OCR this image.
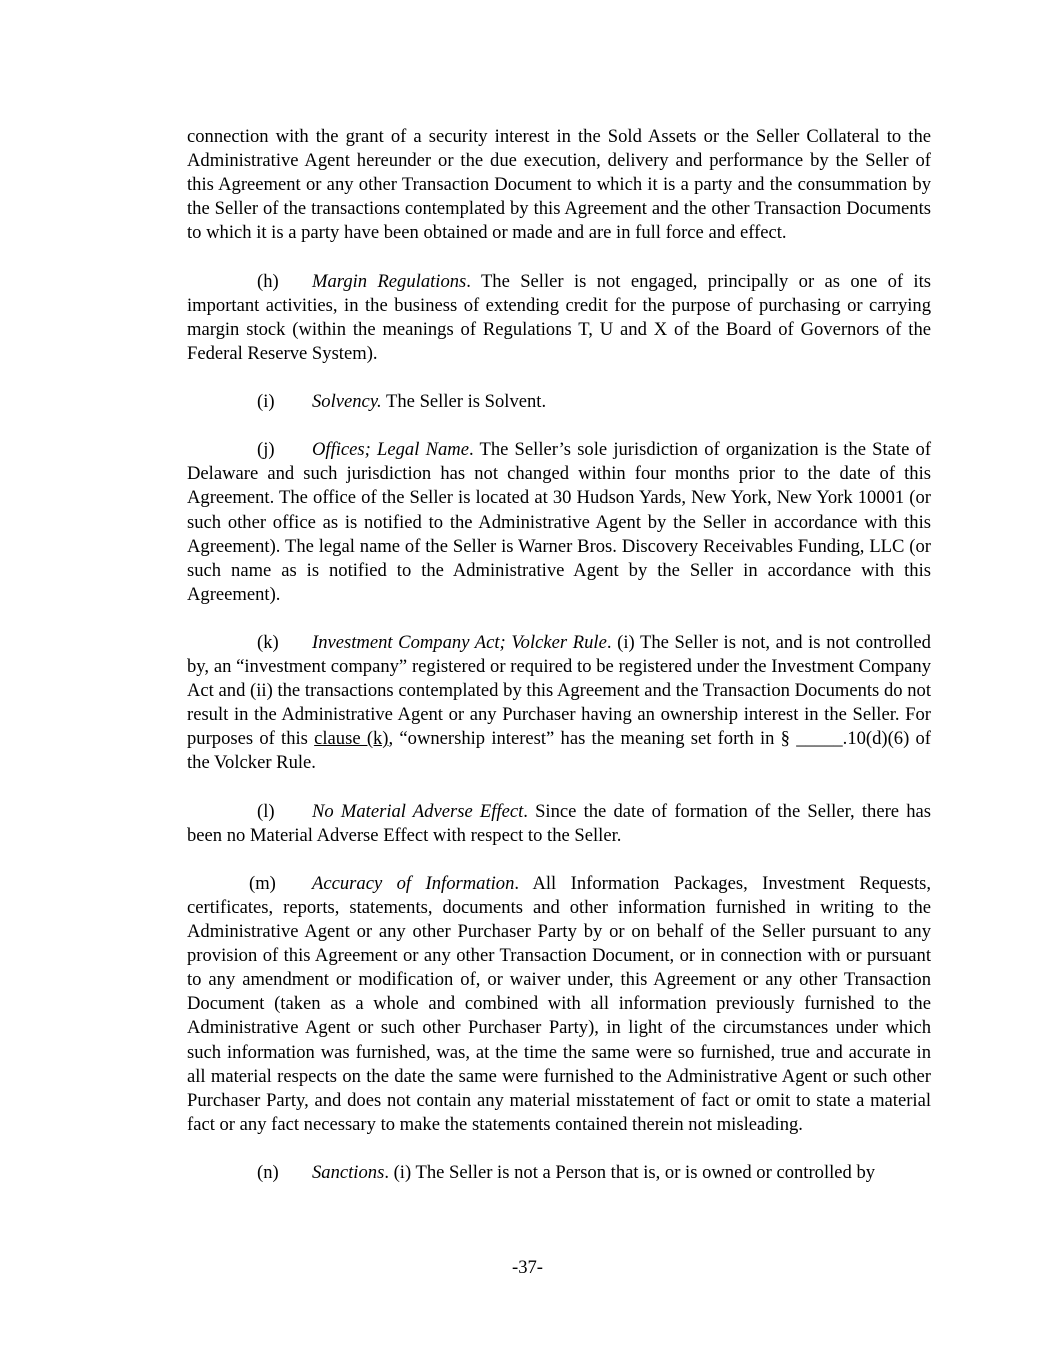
connection with the grant of a security interest in the Sold Assets or the Seller Collateral to the Administrative Agent hereunder or the due execution, delivery and performance by the Seller of this Agreement or any other Transaction Document to which it is a party and the consummation by the Seller of the transactions contemplated by this Agreement and the other Transaction Documents to which it is a party have been obtained or made and are in full force and effect.

(h) Margin Regulations. The Seller is not engaged, principally or as one of its important activities, in the business of extending credit for the purpose of purchasing or carrying margin stock (within the meanings of Regulations T, U and X of the Board of Governors of the Federal Reserve System).

(i) Solvency. The Seller is Solvent.

(j) Offices; Legal Name. The Seller’s sole jurisdiction of organization is the State of Delaware and such jurisdiction has not changed within four months prior to the date of this Agreement. The office of the Seller is located at 30 Hudson Yards, New York, New York 10001 (or such other office as is notified to the Administrative Agent by the Seller in accordance with this Agreement). The legal name of the Seller is Warner Bros. Discovery Receivables Funding, LLC (or such name as is notified to the Administrative Agent by the Seller in accordance with this Agreement).

(k) Investment Company Act; Volcker Rule. (i) The Seller is not, and is not controlled by, an “investment company” registered or required to be registered under the Investment Company Act and (ii) the transactions contemplated by this Agreement and the Transaction Documents do not result in the Administrative Agent or any Purchaser having an ownership interest in the Seller. For purposes of this clause (k), “ownership interest” has the meaning set forth in § _____.10(d)(6) of the Volcker Rule.

(l) No Material Adverse Effect. Since the date of formation of the Seller, there has been no Material Adverse Effect with respect to the Seller.

(m) Accuracy of Information. All Information Packages, Investment Requests, certificates, reports, statements, documents and other information furnished in writing to the Administrative Agent or any other Purchaser Party by or on behalf of the Seller pursuant to any provision of this Agreement or any other Transaction Document, or in connection with or pursuant to any amendment or modification of, or waiver under, this Agreement or any other Transaction Document (taken as a whole and combined with all information previously furnished to the Administrative Agent or such other Purchaser Party), in light of the circumstances under which such information was furnished, was, at the time the same were so furnished, true and accurate in all material respects on the date the same were furnished to the Administrative Agent or such other Purchaser Party, and does not contain any material misstatement of fact or omit to state a material fact or any fact necessary to make the statements contained therein not misleading.

(n) Sanctions. (i) The Seller is not a Person that is, or is owned or controlled by

-37-
